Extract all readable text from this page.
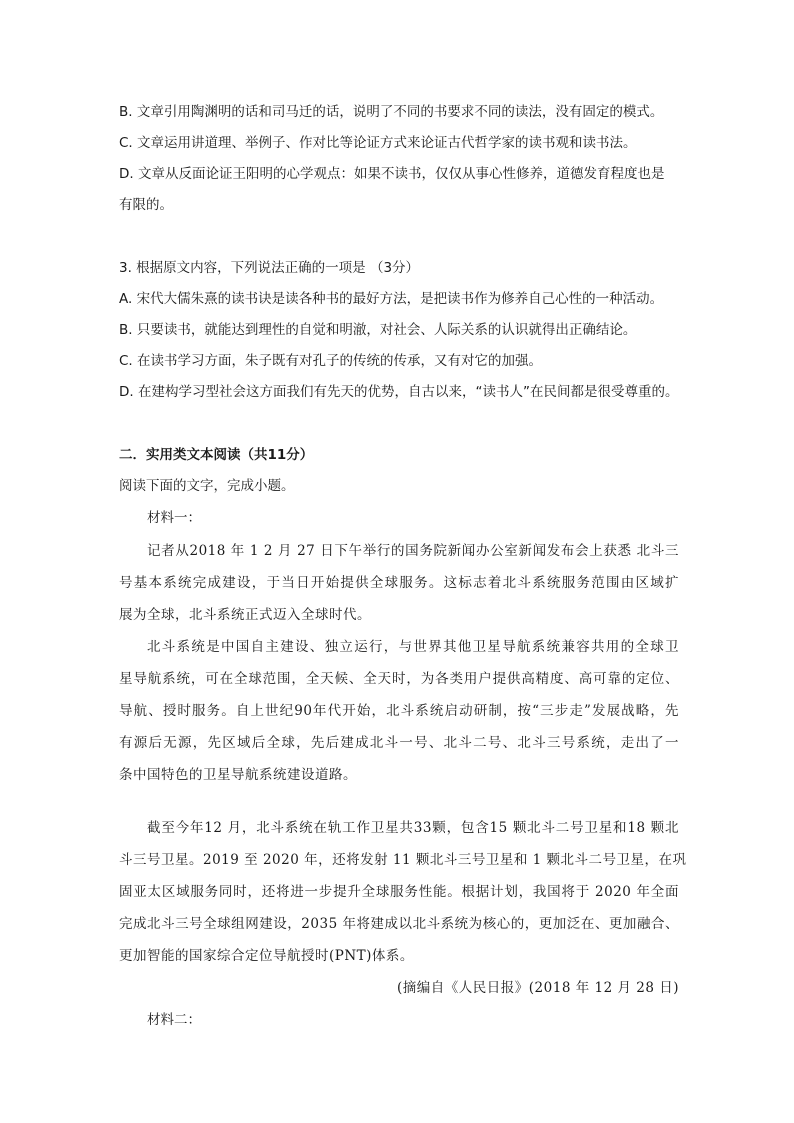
B. 文章引用陶渊明的话和司马迁的话，说明了不同的书要求不同的读法，没有固定的模式。
C. 文章运用讲道理、举例子、作对比等论证方式来论证古代哲学家的读书观和读书法。
D. 文章从反面论证王阳明的心学观点：如果不读书，仅仅从事心性修养，道德发育程度也是
有限的。
3. 根据原文内容，下列说法正确的一项是 （3分）
A. 宋代大儒朱熹的读书诀是读各种书的最好方法，是把读书作为修养自己心性的一种活动。
B. 只要读书，就能达到理性的自觉和明澈，对社会、人际关系的认识就得出正确结论。
C. 在读书学习方面，朱子既有对孔子的传统的传承，又有对它的加强。
D. 在建构学习型社会这方面我们有先天的优势，自古以来，“读书人”在民间都是很受尊重的。
二．实用类文本阅读（共11分）
阅读下面的文字，完成小题。
材料一：
记者从2018 年 1 2 月 27 日下午举行的国务院新闻办公室新闻发布会上获悉 北斗三
号基本系统完成建设，于当日开始提供全球服务。这标志着北斗系统服务范围由区域扩
展为全球，北斗系统正式迈入全球时代。
北斗系统是中国自主建设、独立运行，与世界其他卫星导航系统兼容共用的全球卫
星导航系统，可在全球范围，全天候、全天时，为各类用户提供高精度、高可靠的定位、
导航、授时服务。自上世纪90年代开始，北斗系统启动研制，按“三步走”发展战略，先
有源后无源，先区域后全球，先后建成北斗一号、北斗二号、北斗三号系统，走出了一
条中国特色的卫星导航系统建设道路。
截至今年12 月，北斗系统在轨工作卫星共33颗，包含15 颗北斗二号卫星和18 颗北
斗三号卫星。2019 至 2020 年，还将发射 11 颗北斗三号卫星和 1 颗北斗二号卫星，在巩
固亚太区域服务同时，还将进一步提升全球服务性能。根据计划，我国将于 2020 年全面
完成北斗三号全球组网建设，2035 年将建成以北斗系统为核心的，更加泛在、更加融合、
更加智能的国家综合定位导航授时(PNT)体系。
(摘编自《人民日报》(2018 年 12 月 28 日)
材料二：
